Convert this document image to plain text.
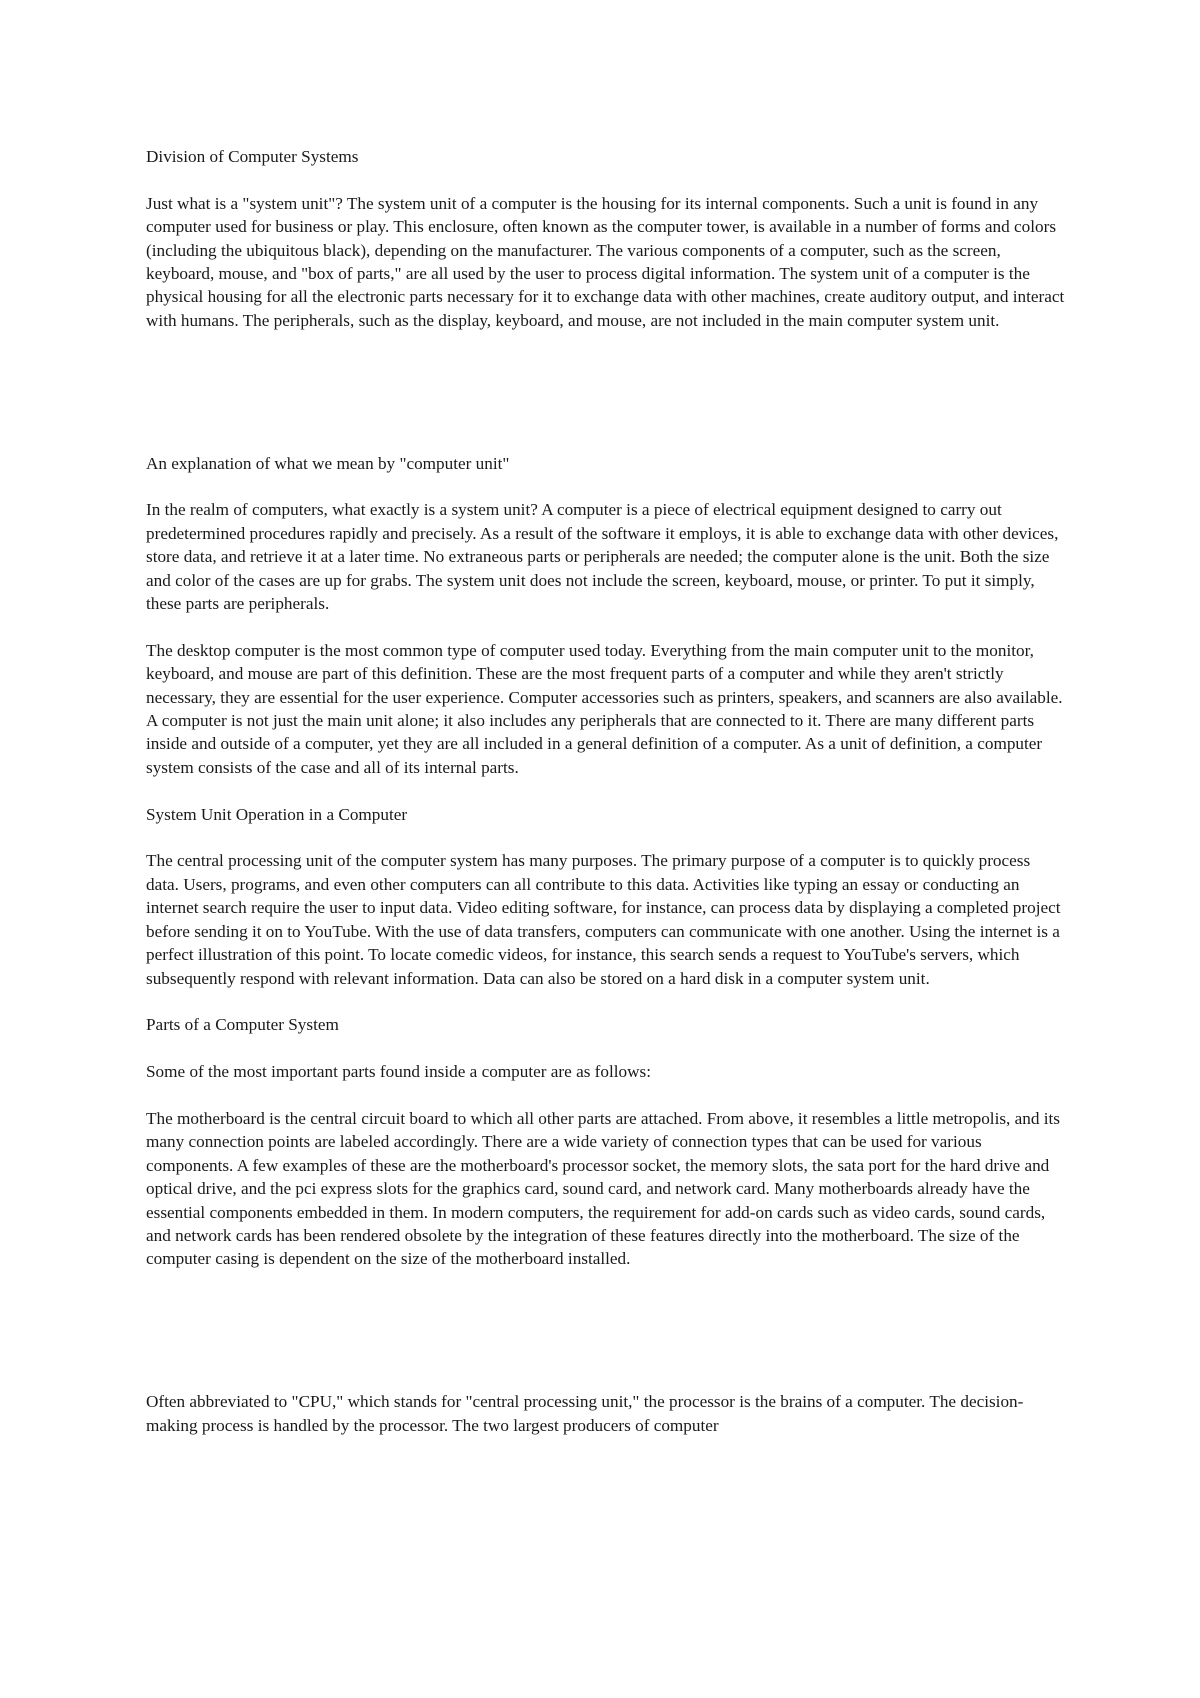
Division of Computer Systems

Just what is a "system unit"? The system unit of a computer is the housing for its internal components. Such a unit is found in any computer used for business or play. This enclosure, often known as the computer tower, is available in a number of forms and colors (including the ubiquitous black), depending on the manufacturer. The various components of a computer, such as the screen, keyboard, mouse, and "box of parts," are all used by the user to process digital information. The system unit of a computer is the physical housing for all the electronic parts necessary for it to exchange data with other machines, create auditory output, and interact with humans. The peripherals, such as the display, keyboard, and mouse, are not included in the main computer system unit.

An explanation of what we mean by "computer unit"

In the realm of computers, what exactly is a system unit? A computer is a piece of electrical equipment designed to carry out predetermined procedures rapidly and precisely. As a result of the software it employs, it is able to exchange data with other devices, store data, and retrieve it at a later time. No extraneous parts or peripherals are needed; the computer alone is the unit. Both the size and color of the cases are up for grabs. The system unit does not include the screen, keyboard, mouse, or printer. To put it simply, these parts are peripherals.

The desktop computer is the most common type of computer used today. Everything from the main computer unit to the monitor, keyboard, and mouse are part of this definition. These are the most frequent parts of a computer and while they aren't strictly necessary, they are essential for the user experience. Computer accessories such as printers, speakers, and scanners are also available. A computer is not just the main unit alone; it also includes any peripherals that are connected to it. There are many different parts inside and outside of a computer, yet they are all included in a general definition of a computer. As a unit of definition, a computer system consists of the case and all of its internal parts.

System Unit Operation in a Computer

The central processing unit of the computer system has many purposes. The primary purpose of a computer is to quickly process data. Users, programs, and even other computers can all contribute to this data. Activities like typing an essay or conducting an internet search require the user to input data. Video editing software, for instance, can process data by displaying a completed project before sending it on to YouTube. With the use of data transfers, computers can communicate with one another. Using the internet is a perfect illustration of this point. To locate comedic videos, for instance, this search sends a request to YouTube's servers, which subsequently respond with relevant information. Data can also be stored on a hard disk in a computer system unit.

Parts of a Computer System

Some of the most important parts found inside a computer are as follows:

The motherboard is the central circuit board to which all other parts are attached. From above, it resembles a little metropolis, and its many connection points are labeled accordingly. There are a wide variety of connection types that can be used for various components. A few examples of these are the motherboard's processor socket, the memory slots, the sata port for the hard drive and optical drive, and the pci express slots for the graphics card, sound card, and network card. Many motherboards already have the essential components embedded in them. In modern computers, the requirement for add-on cards such as video cards, sound cards, and network cards has been rendered obsolete by the integration of these features directly into the motherboard. The size of the computer casing is dependent on the size of the motherboard installed.

Often abbreviated to "CPU," which stands for "central processing unit," the processor is the brains of a computer. The decision-making process is handled by the processor. The two largest producers of computer
